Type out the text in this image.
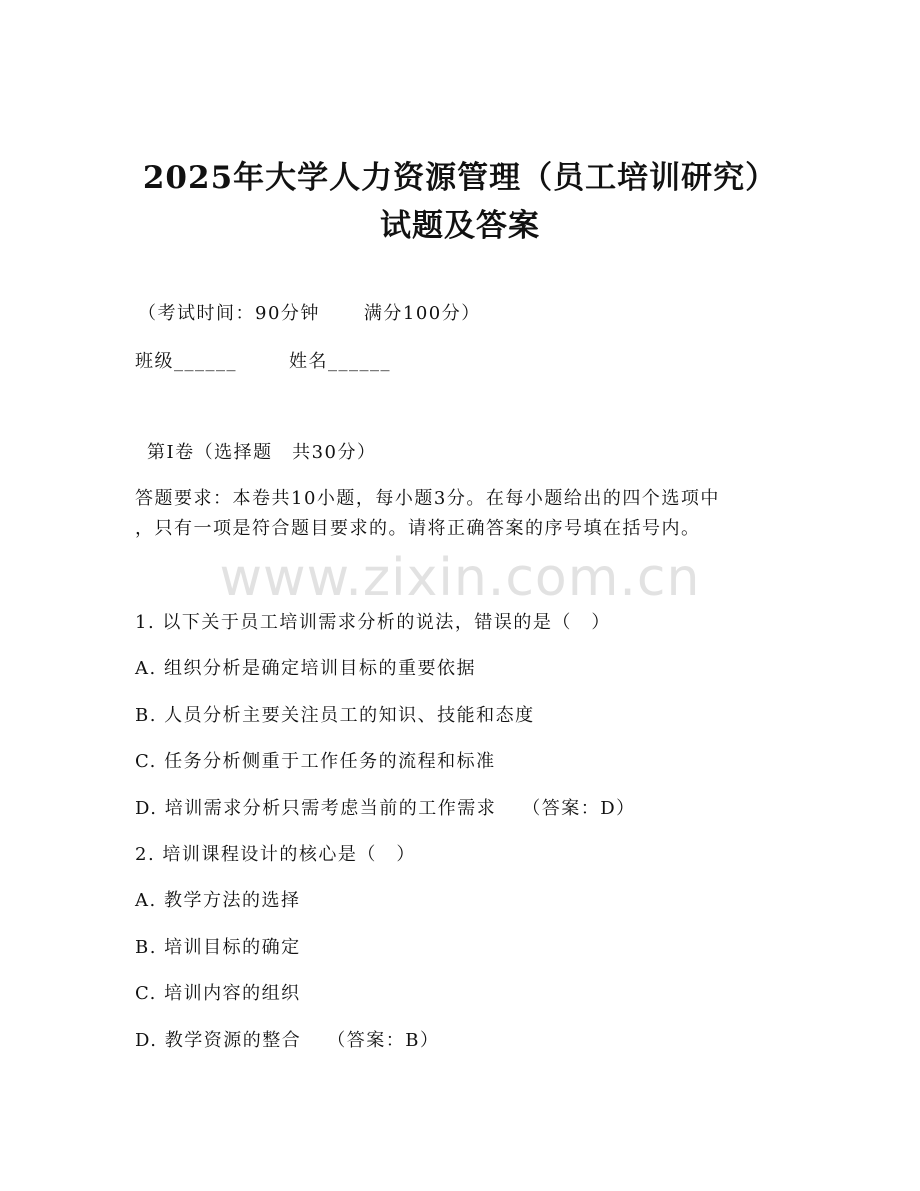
2025年大学人力资源管理（员工培训研究）
试题及答案
（考试时间：90分钟 满分100分）
班级______	姓名______
第I卷（选择题　共30分）
答题要求：本卷共10小题，每小题3分。在每小题给出的四个选项中
，只有一项是符合题目要求的。请将正确答案的序号填在括号内。
www.zixin.com.cn
1. 以下关于员工培训需求分析的说法，错误的是（　）
A. 组织分析是确定培训目标的重要依据
B. 人员分析主要关注员工的知识、技能和态度
C. 任务分析侧重于工作任务的流程和标准
D. 培训需求分析只需考虑当前的工作需求 （答案：D）
2. 培训课程设计的核心是（　）
A. 教学方法的选择
B. 培训目标的确定
C. 培训内容的组织
D. 教学资源的整合 （答案：B）
